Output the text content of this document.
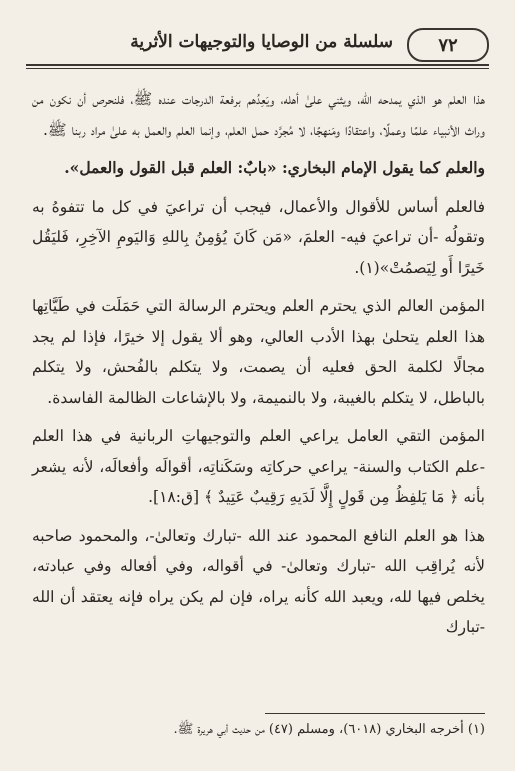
٧٢
سلسلة من الوصايا والتوجيهات الأثرية

هذا العلم هو الذي يمدحه الله، ويثني علىٰ أهله، ويَعِدُهم برفعة الدرجات عنده ﷺ، فلنحرص أن نكون من وراث الأنبياء علمًا وعملًا، واعتقادًا ومَنهجًا، لا مُجرَّد حمل العلم، وإنما العلم والعمل به علىٰ مراد ربنا ﷺ.

والعلم كما يقول الإمام البخاري: «بابٌ: العلم قبل القول والعمل».

فالعلم أساس للأقوال والأعمال، فيجب أن تراعيَ في كل ما تتفوهُ به وتقولُه -أن تراعيَ فيه- العلمَ، «مَن كَانَ يُؤمِنُ بِاللهِ وَاليَومِ الآخِرِ، فَليَقُل خَيرًا أَو لِيَصمُتْ»(١).

المؤمن العالم الذي يحترم العلم ويحترم الرسالة التي حَمَلَت في طَيَّاتِها هذا العلم يتحلىٰ بهذا الأدب العالي، وهو ألا يقول إلا خيرًا، فإذا لم يجد مجالًا لكلمة الحق فعليه أن يصمت، ولا يتكلم بالفُحش، ولا يتكلم بالباطل، لا يتكلم بالغيبة، ولا بالنميمة، ولا بالإشاعات الظالمة الفاسدة.

المؤمن التقي العامل يراعي العلم والتوجيهاتِ الربانية في هذا العلم -علم الكتاب والسنة- يراعي حركاتِه وسَكَناتِه، أقوالَه وأفعالَه، لأنه يشعر بأنه ﴿ مَا يَلفِظُ مِن قَولٍ إِلَّا لَدَيهِ رَقِيبٌ عَتِيدٌ ﴾ [ق:١٨].

هذا هو العلم النافع المحمود عند الله -تبارك وتعالىٰ-، والمحمود صاحبه لأنه يُراقِب الله -تبارك وتعالىٰ- في أقواله، وفي أفعاله وفي عبادته، يخلص فيها لله، ويعبد الله كأنه يراه، فإن لم يكن يراه فإنه يعتقد أن الله -تبارك

(١) أخرجه البخاري (٦٠١٨)، ومسلم (٤٧) من حديث أبي هريرة ﷺ.
